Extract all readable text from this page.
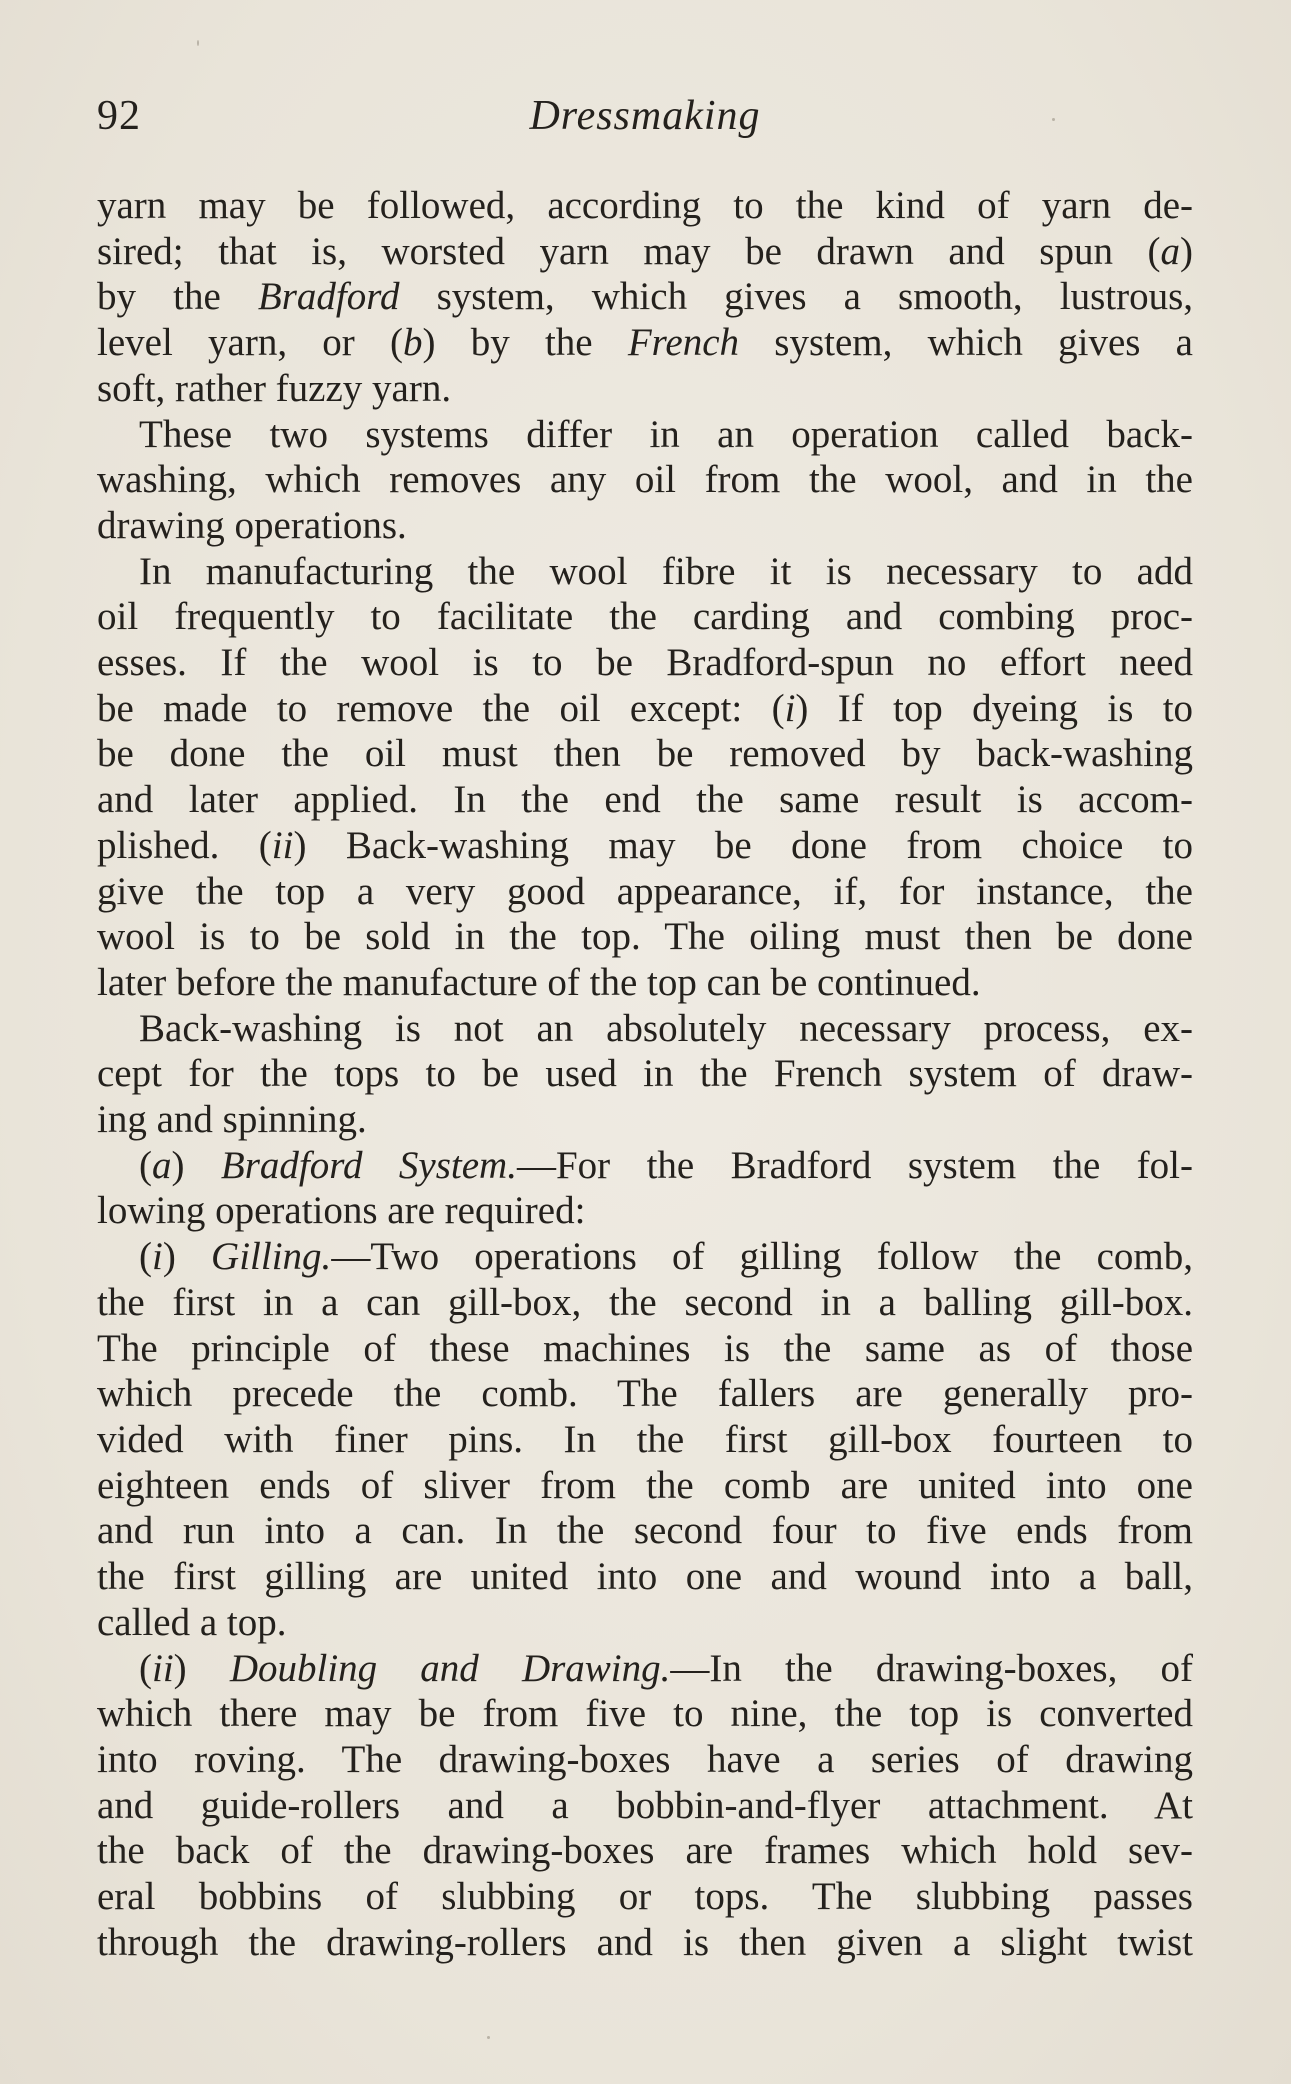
92	Dressmaking
yarn may be followed, according to the kind of yarn de-
sired; that is, worsted yarn may be drawn and spun (a)
by the Bradford system, which gives a smooth, lustrous,
level yarn, or (b) by the French system, which gives a
soft, rather fuzzy yarn.
These two systems differ in an operation called back-
washing, which removes any oil from the wool, and in the
drawing operations.
In manufacturing the wool fibre it is necessary to add
oil frequently to facilitate the carding and combing proc-
esses. If the wool is to be Bradford-spun no effort need
be made to remove the oil except: (i) If top dyeing is to
be done the oil must then be removed by back-washing
and later applied. In the end the same result is accom-
plished. (ii) Back-washing may be done from choice to
give the top a very good appearance, if, for instance, the
wool is to be sold in the top. The oiling must then be done
later before the manufacture of the top can be continued.
Back-washing is not an absolutely necessary process, ex-
cept for the tops to be used in the French system of draw-
ing and spinning.
(a) Bradford System.—For the Bradford system the fol-
lowing operations are required:
(i) Gilling.—Two operations of gilling follow the comb,
the first in a can gill-box, the second in a balling gill-box.
The principle of these machines is the same as of those
which precede the comb. The fallers are generally pro-
vided with finer pins. In the first gill-box fourteen to
eighteen ends of sliver from the comb are united into one
and run into a can. In the second four to five ends from
the first gilling are united into one and wound into a ball,
called a top.
(ii) Doubling and Drawing.—In the drawing-boxes, of
which there may be from five to nine, the top is converted
into roving. The drawing-boxes have a series of drawing
and guide-rollers and a bobbin-and-flyer attachment. At
the back of the drawing-boxes are frames which hold sev-
eral bobbins of slubbing or tops. The slubbing passes
through the drawing-rollers and is then given a slight twist
